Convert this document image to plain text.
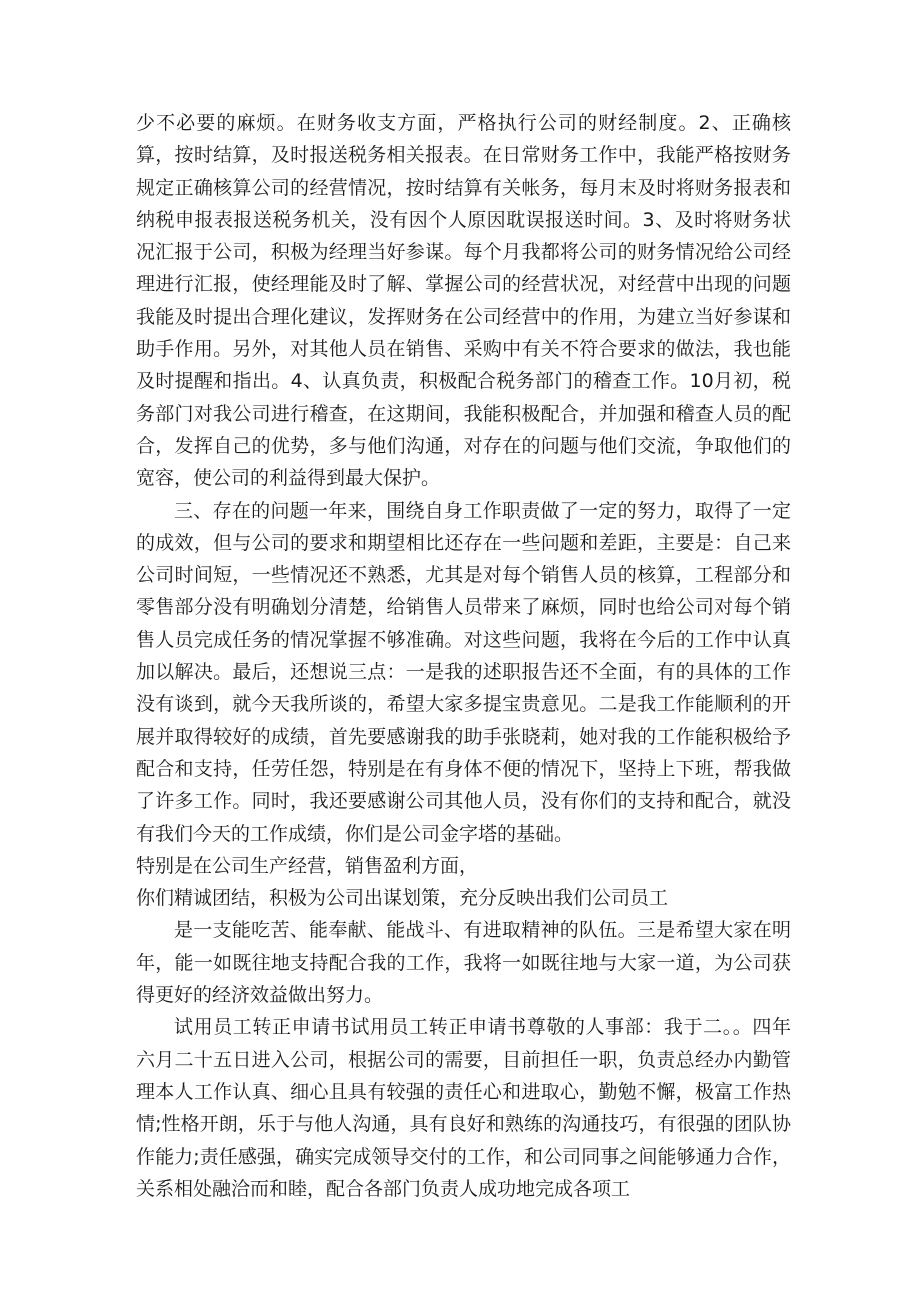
少不必要的麻烦。在财务收支方面，严格执行公司的财经制度。2、正确核算，按时结算，及时报送税务相关报表。在日常财务工作中，我能严格按财务规定正确核算公司的经营情况，按时结算有关帐务，每月末及时将财务报表和纳税申报表报送税务机关，没有因个人原因耽误报送时间。3、及时将财务状况汇报于公司，积极为经理当好参谋。每个月我都将公司的财务情况给公司经理进行汇报，使经理能及时了解、掌握公司的经营状况，对经营中出现的问题我能及时提出合理化建议，发挥财务在公司经营中的作用，为建立当好参谋和助手作用。另外，对其他人员在销售、采购中有关不符合要求的做法，我也能及时提醒和指出。4、认真负责，积极配合税务部门的稽查工作。10月初，税务部门对我公司进行稽查，在这期间，我能积极配合，并加强和稽查人员的配合，发挥自己的优势，多与他们沟通，对存在的问题与他们交流，争取他们的宽容，使公司的利益得到最大保护。

三、存在的问题一年来，围绕自身工作职责做了一定的努力，取得了一定的成效，但与公司的要求和期望相比还存在一些问题和差距，主要是：自己来公司时间短，一些情况还不熟悉，尤其是对每个销售人员的核算，工程部分和零售部分没有明确划分清楚，给销售人员带来了麻烦，同时也给公司对每个销售人员完成任务的情况掌握不够准确。对这些问题，我将在今后的工作中认真加以解决。最后，还想说三点：一是我的述职报告还不全面，有的具体的工作没有谈到，就今天我所谈的，希望大家多提宝贵意见。二是我工作能顺利的开展并取得较好的成绩，首先要感谢我的助手张晓莉，她对我的工作能积极给予配合和支持，任劳任怨，特别是在有身体不便的情况下，坚持上下班，帮我做了许多工作。同时，我还要感谢公司其他人员，没有你们的支持和配合，就没有我们今天的工作成绩，你们是公司金字塔的基础。

特别是在公司生产经营，销售盈利方面，
你们精诚团结，积极为公司出谋划策，充分反映出我们公司员工

是一支能吃苦、能奉献、能战斗、有进取精神的队伍。三是希望大家在明年，能一如既往地支持配合我的工作，我将一如既往地与大家一道，为公司获得更好的经济效益做出努力。

试用员工转正申请书试用员工转正申请书尊敬的人事部：我于二。。四年六月二十五日进入公司，根据公司的需要，目前担任一职，负责总经办内勤管理本人工作认真、细心且具有较强的责任心和进取心，勤勉不懈，极富工作热情;性格开朗，乐于与他人沟通，具有良好和熟练的沟通技巧，有很强的团队协作能力;责任感强，确实完成领导交付的工作，和公司同事之间能够通力合作，关系相处融洽而和睦，配合各部门负责人成功地完成各项工
